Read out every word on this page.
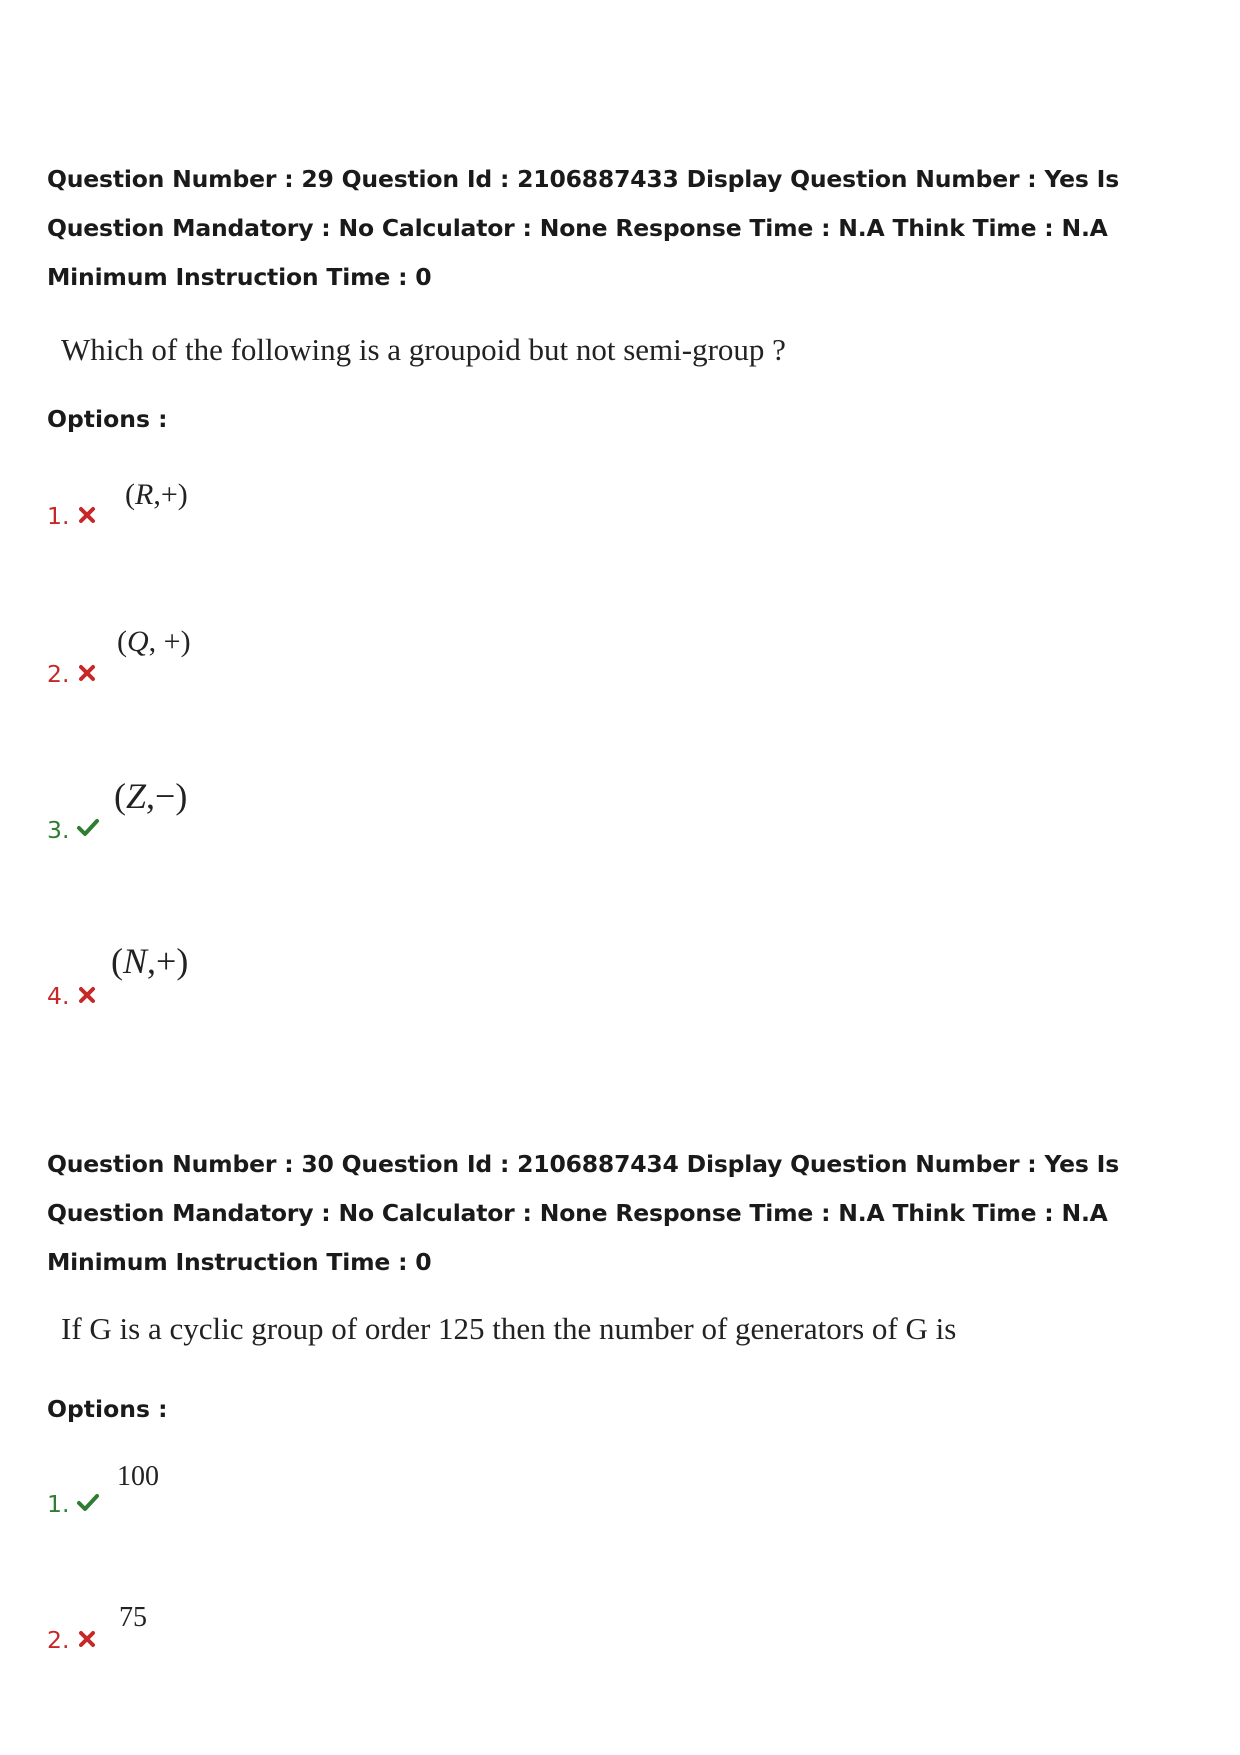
Question Number : 29 Question Id : 2106887433 Display Question Number : Yes Is Question Mandatory : No Calculator : None Response Time : N.A Think Time : N.A Minimum Instruction Time : 0
Which of the following is a groupoid but not semi-group ?
Options :
1.
(R,+)
2.
(Q, +)
3.
(Z,−)
4.
(N,+)
Question Number : 30 Question Id : 2106887434 Display Question Number : Yes Is Question Mandatory : No Calculator : None Response Time : N.A Think Time : N.A Minimum Instruction Time : 0
If G is a cyclic group of order 125 then the number of generators of G is
Options :
1.
100
2.
75
